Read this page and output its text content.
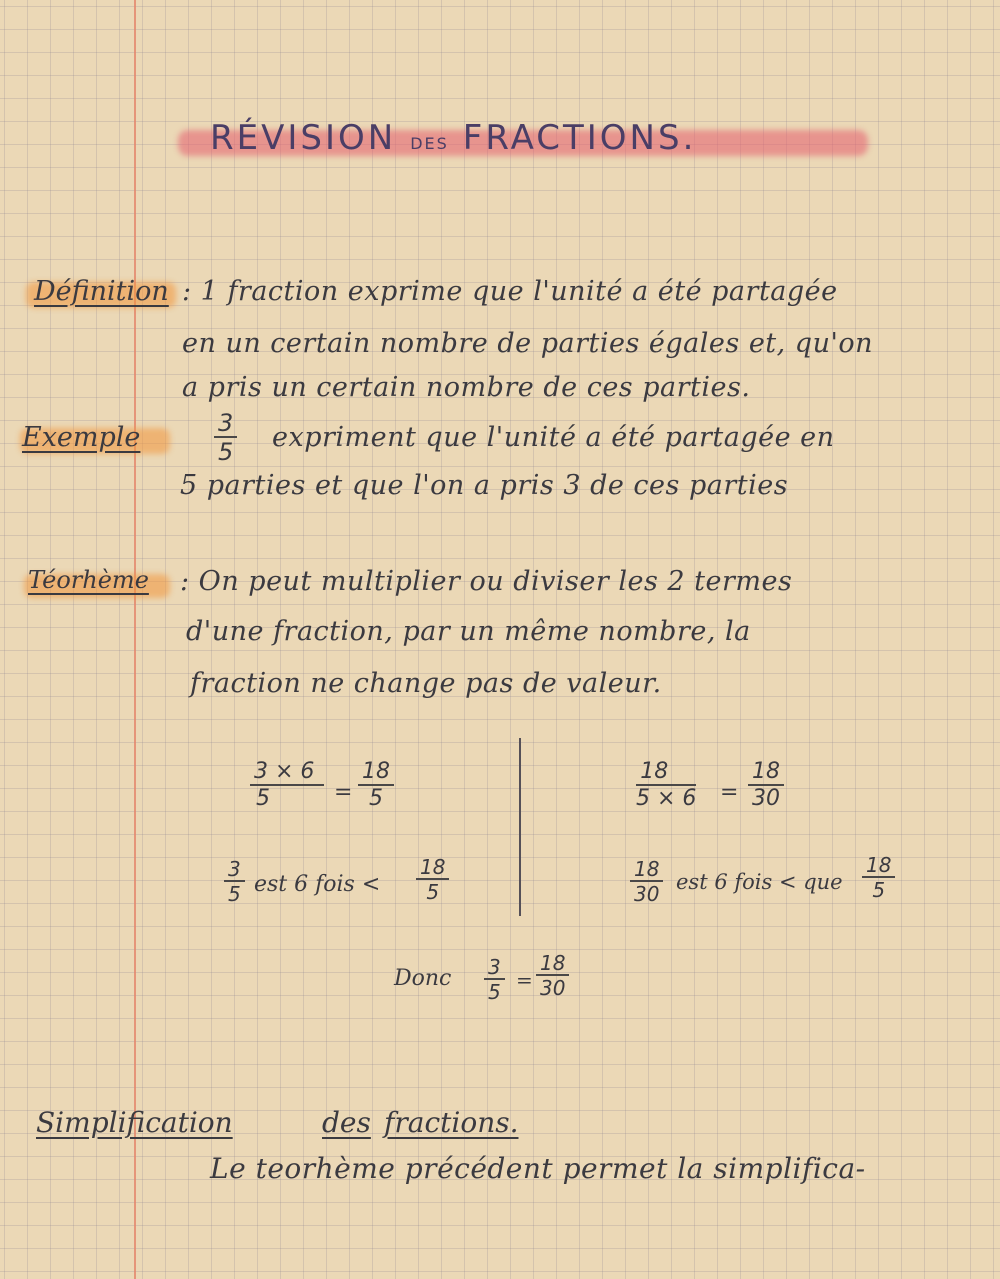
RÉVISION DES FRACTIONS.
Définition : 1 fraction exprime que l'unité a été partagée
en un certain nombre de parties égales et, qu'on
a pris un certain nombre de ces parties.
Exemple	$\frac{3}{5}$ expriment que l'unité a été partagée en
5 parties et que l'on a pris 3 de ces parties
Téorhème : On peut multiplier ou diviser les 2 termes
d'une fraction, par un même nombre, la
fraction ne change pas de valeur.
$\frac{3 \times 6}{5} = \frac{18}{5}$
$\frac{3}{5}$ est 6 fois < $\frac{18}{5}$
$\frac{18}{5 \times 6} = \frac{18}{30}$
$\frac{18}{30}$ est 6 fois < que $\frac{18}{5}$
Donc $\frac{3}{5} = \frac{18}{30}$
Simplification	des fractions.
Le teorhème précédent permet la simplifica-
